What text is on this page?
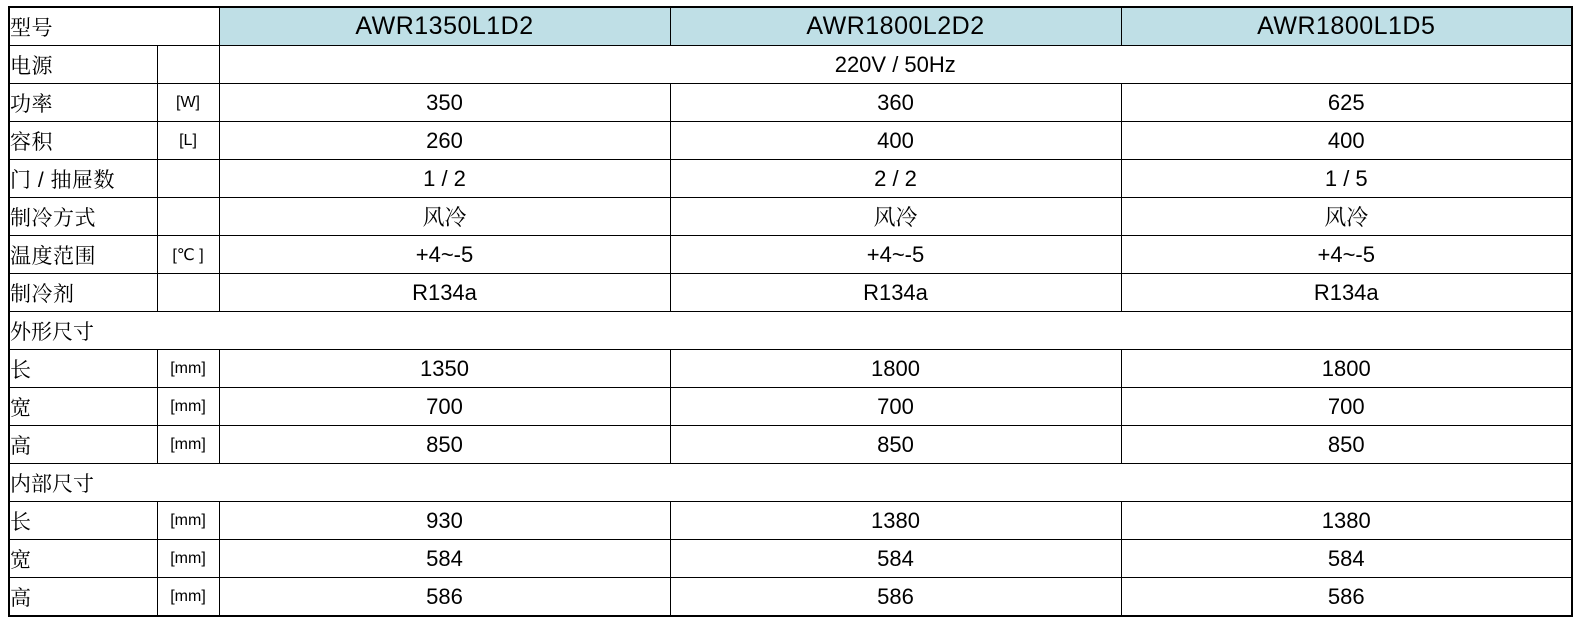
型号		AWR1350L1D2	AWR1800L2D2	AWR1800L1D5
电源		220V / 50Hz		
功率	[W]	350	360	625
容积	[L]	260	400	400
门 / 抽屉数		1 / 2	2 / 2	1 / 5
制冷方式		风冷	风冷	风冷
温度范围	[℃ ]	+4~-5	+4~-5	+4~-5
制冷剂		R134a	R134a	R134a
外形尺寸				
长	[mm]	1350	1800	1800
宽	[mm]	700	700	700
高	[mm]	850	850	850
内部尺寸				
长	[mm]	930	1380	1380
宽	[mm]	584	584	584
高	[mm]	586	586	586
